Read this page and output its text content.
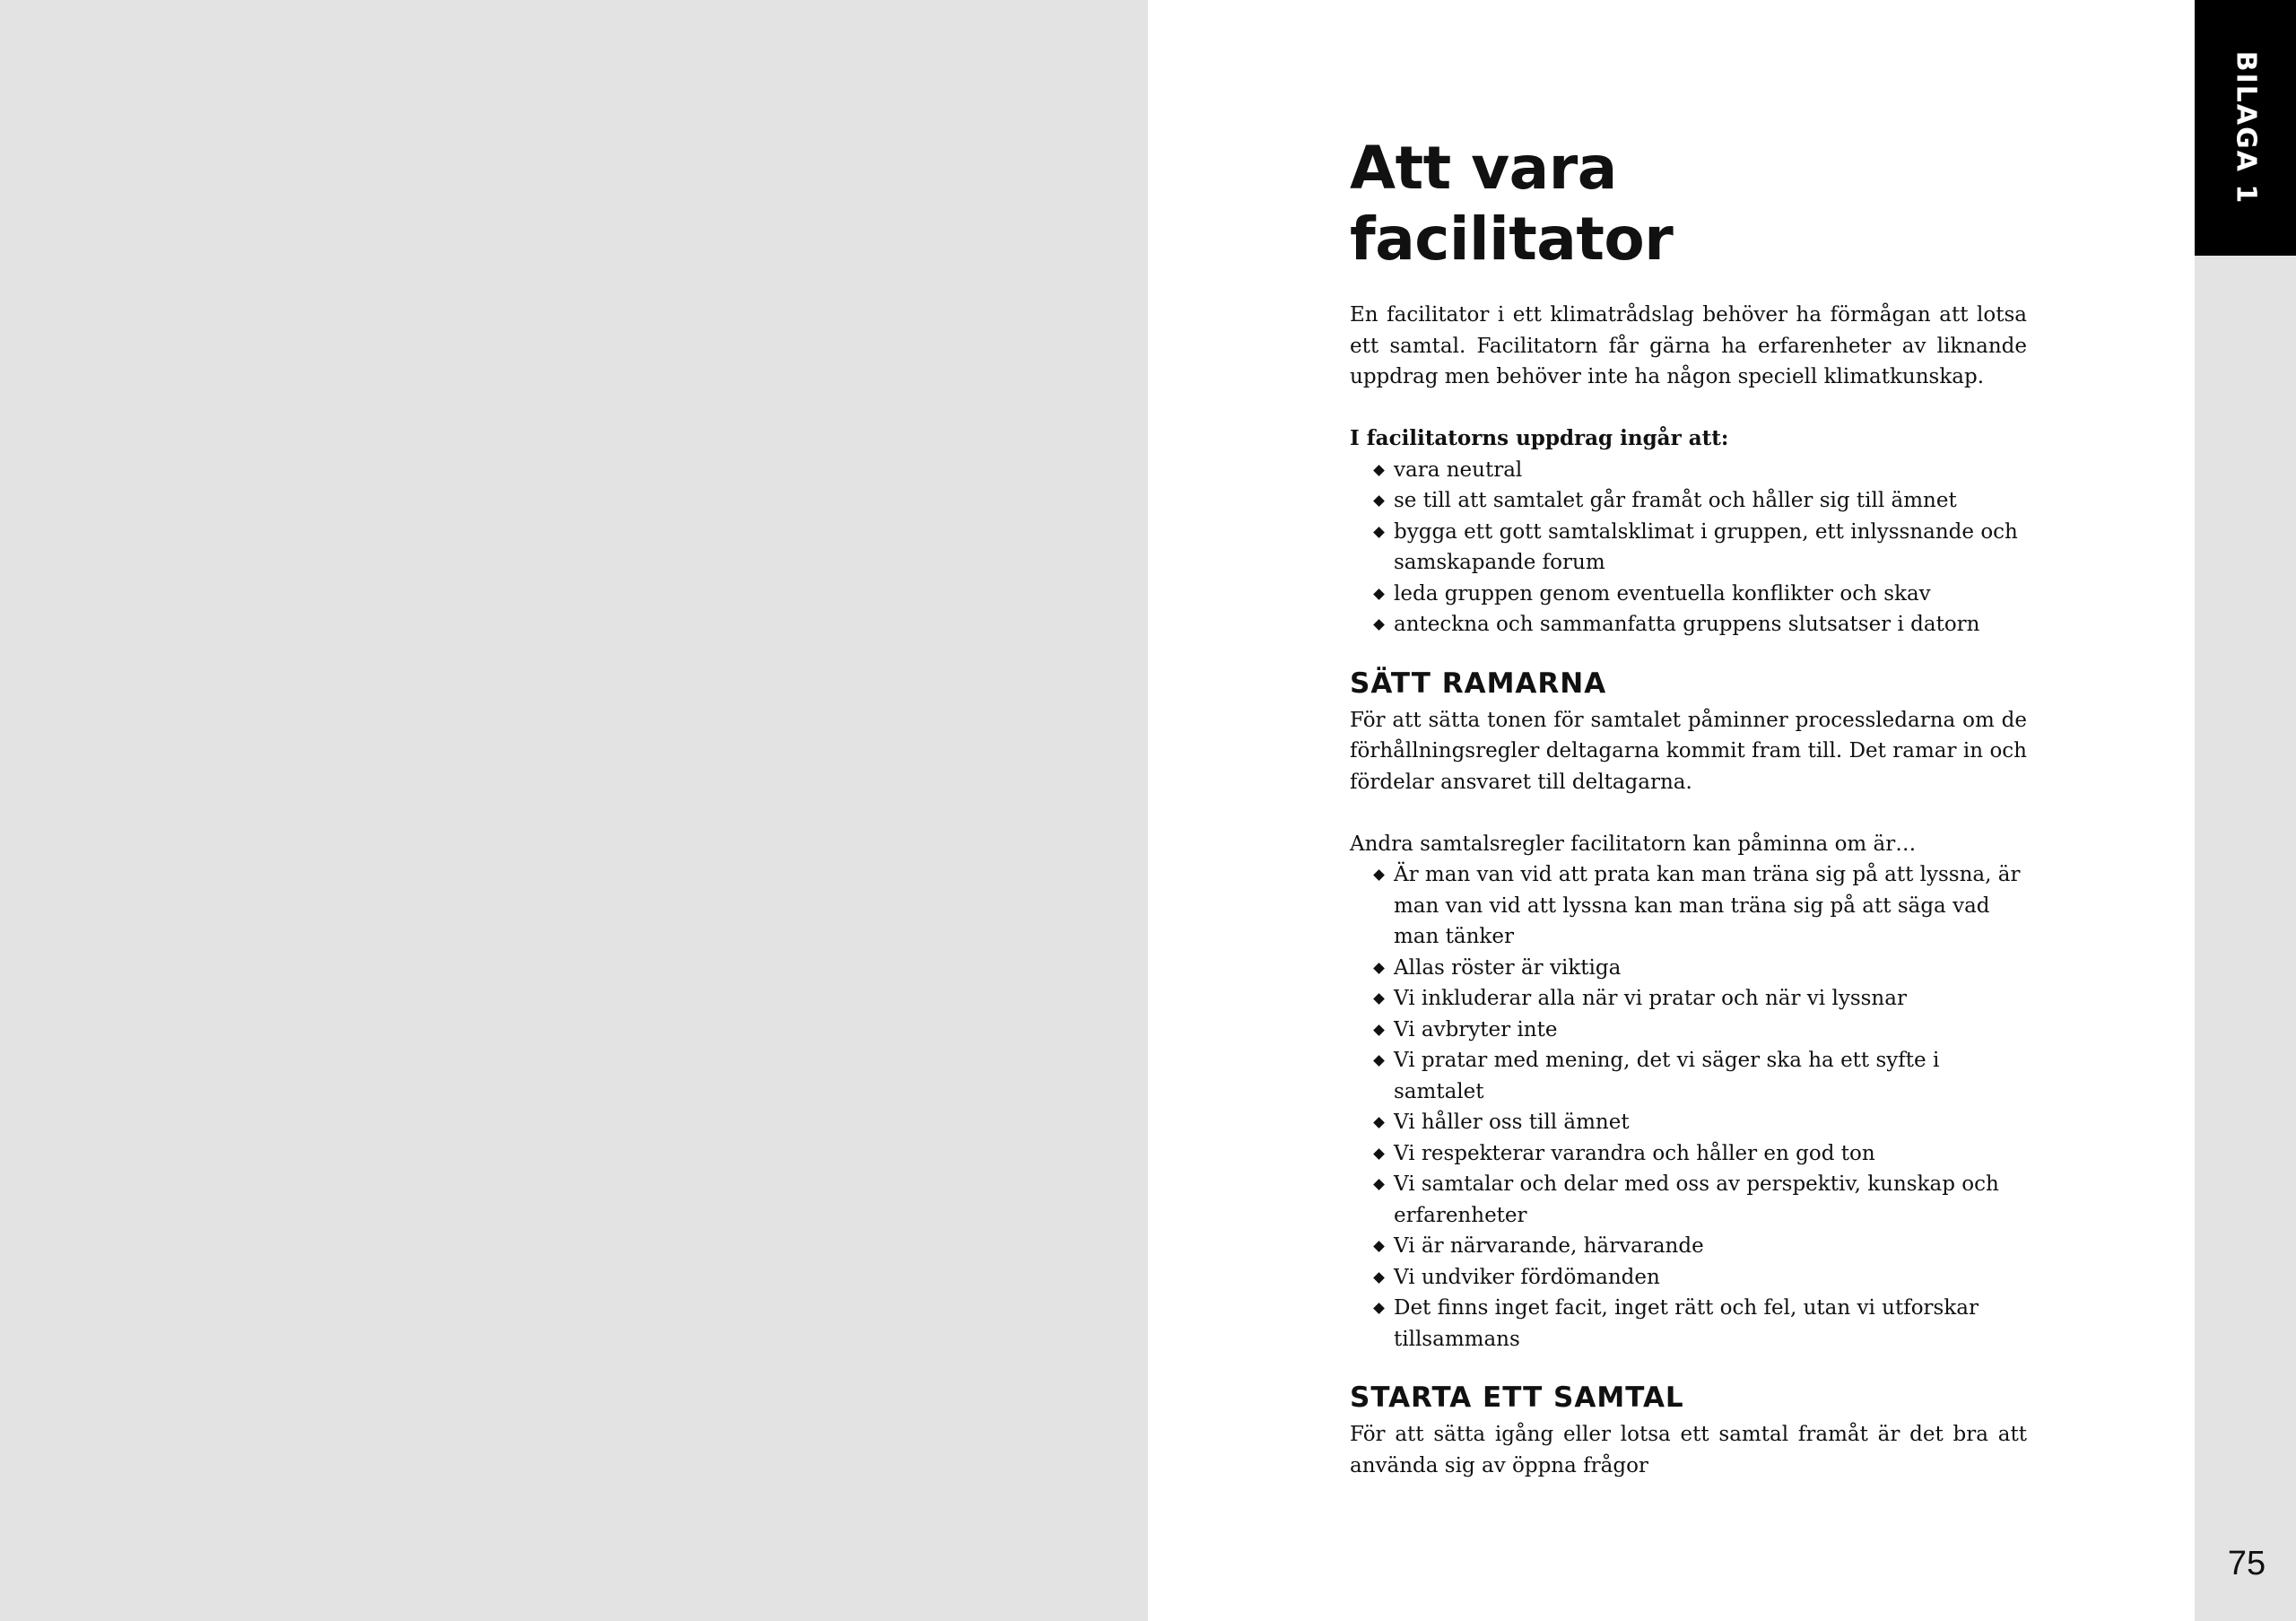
BILAGA 1
75
Att vara
facilitator

En facilitator i ett klimatrådslag behöver ha förmågan att lotsa ett samtal. Facilitatorn får gärna ha erfarenheter av liknande uppdrag men behöver inte ha någon speciell klimatkunskap.

I facilitatorns uppdrag ingår att:

vara neutral
se till att samtalet går framåt och håller sig till ämnet
bygga ett gott samtalsklimat i gruppen, ett inlyssnande och samskapande forum
leda gruppen genom eventuella konflikter och skav
anteckna och sammanfatta gruppens slutsatser i datorn
SÄTT RAMARNA

För att sätta tonen för samtalet påminner processledarna om de förhållningsregler deltagarna kommit fram till. Det ramar in och fördelar ansvaret till deltagarna.

Andra samtalsregler facilitatorn kan påminna om är…

Är man van vid att prata kan man träna sig på att lyssna, är man van vid att lyssna kan man träna sig på att säga vad man tänker
Allas röster är viktiga
Vi inkluderar alla när vi pratar och när vi lyssnar
Vi avbryter inte
Vi pratar med mening, det vi säger ska ha ett syfte i samtalet
Vi håller oss till ämnet
Vi respekterar varandra och håller en god ton
Vi samtalar och delar med oss av perspektiv, kunskap och erfarenheter
Vi är närvarande, härvarande
Vi undviker fördömanden
Det finns inget facit, inget rätt och fel, utan vi utforskar tillsammans
STARTA ETT SAMTAL

För att sätta igång eller lotsa ett samtal framåt är det bra att använda sig av öppna frågor
